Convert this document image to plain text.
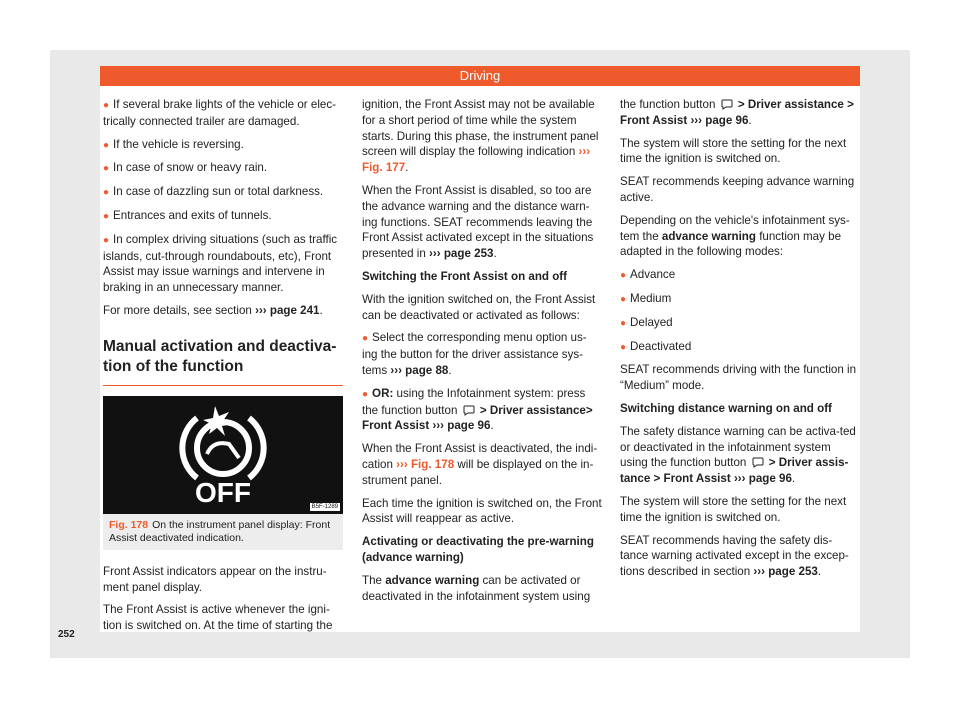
Driving

● If several brake lights of the vehicle or elec-trically connected trailer are damaged.

● If the vehicle is reversing.

● In case of snow or heavy rain.

● In case of dazzling sun or total darkness.

● Entrances and exits of tunnels.

● In complex driving situations (such as traffic islands, cut-through roundabouts, etc), Front Assist may issue warnings and intervene in braking in an unnecessary manner.

For more details, see section ››› page 241.

Manual activation and deactiva-tion of the function
OFF	B5F-1289
Fig. 178 On the instrument panel display: Front Assist deactivated indication.

Front Assist indicators appear on the instru-ment panel display.

The Front Assist is active whenever the igni-tion is switched on. At the time of starting the

ignition, the Front Assist may not be available for a short period of time while the system starts. During this phase, the instrument panel screen will display the following indication ››› Fig. 177.

When the Front Assist is disabled, so too are the advance warning and the distance warn-ing functions. SEAT recommends leaving the Front Assist activated except in the situations presented in ››› page 253.

Switching the Front Assist on and off

With the ignition switched on, the Front Assist can be deactivated or activated as follows:

● Select the corresponding menu option us-ing the button for the driver assistance sys-tems ››› page 88.

● OR: using the Infotainment system: press the function button  > Driver assistance> Front Assist ››› page 96.

When the Front Assist is deactivated, the indi-cation ››› Fig. 178 will be displayed on the in-strument panel.

Each time the ignition is switched on, the Front Assist will reappear as active.

Activating or deactivating the pre-warning (advance warning)

The advance warning can be activated or deactivated in the infotainment system using

the function button  > Driver assistance > Front Assist ››› page 96.

The system will store the setting for the next time the ignition is switched on.

SEAT recommends keeping advance warning active.

Depending on the vehicle's infotainment sys-tem the advance warning function may be adapted in the following modes:

● Advance

● Medium

● Delayed

● Deactivated

SEAT recommends driving with the function in “Medium” mode.

Switching distance warning on and off

The safety distance warning can be activa-ted or deactivated in the infotainment system using the function button  > Driver assis-tance > Front Assist ››› page 96.

The system will store the setting for the next time the ignition is switched on.

SEAT recommends having the safety dis-tance warning activated except in the excep-tions described in section ››› page 253.

252
